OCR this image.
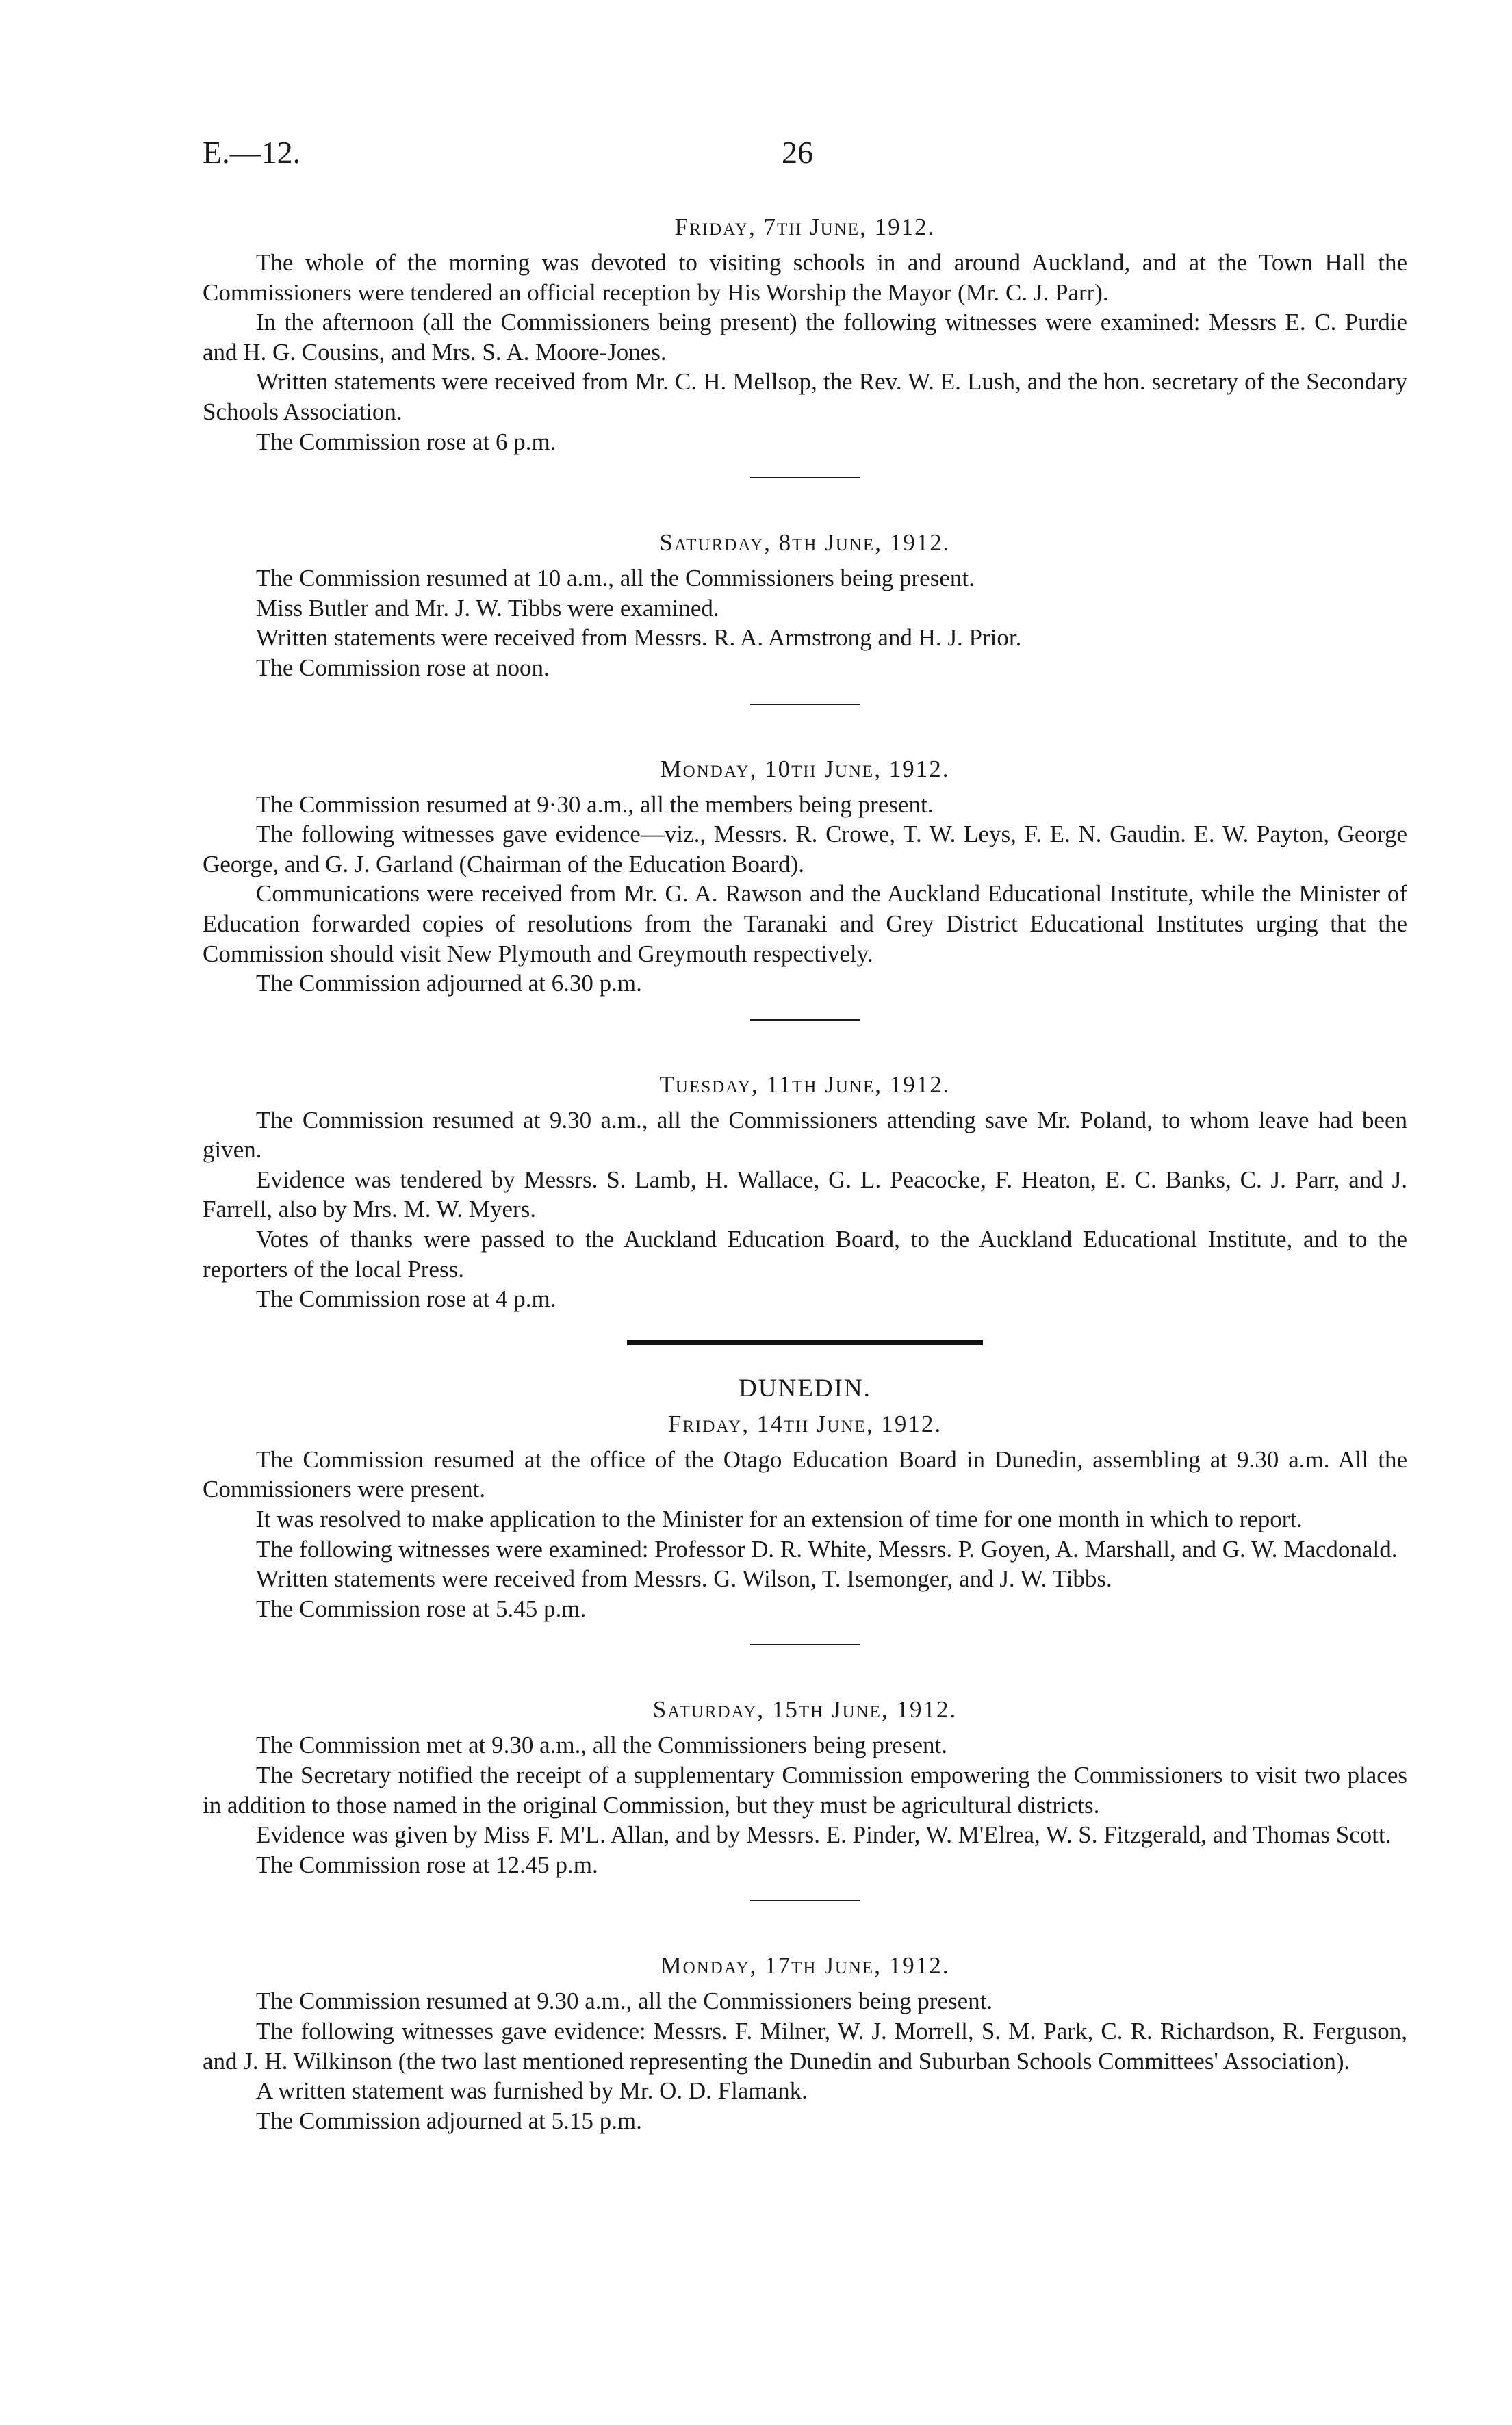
E.—12.	26
Friday, 7th June, 1912.

The whole of the morning was devoted to visiting schools in and around Auckland, and at the Town Hall the Commissioners were tendered an official reception by His Worship the Mayor (Mr. C. J. Parr).

In the afternoon (all the Commissioners being present) the following witnesses were examined: Messrs E. C. Purdie and H. G. Cousins, and Mrs. S. A. Moore-Jones.

Written statements were received from Mr. C. H. Mellsop, the Rev. W. E. Lush, and the hon. secretary of the Secondary Schools Association.

The Commission rose at 6 p.m.

Saturday, 8th June, 1912.

The Commission resumed at 10 a.m., all the Commissioners being present.

Miss Butler and Mr. J. W. Tibbs were examined.

Written statements were received from Messrs. R. A. Armstrong and H. J. Prior.

The Commission rose at noon.

Monday, 10th June, 1912.

The Commission resumed at 9·30 a.m., all the members being present.

The following witnesses gave evidence—viz., Messrs. R. Crowe, T. W. Leys, F. E. N. Gaudin. E. W. Payton, George George, and G. J. Garland (Chairman of the Education Board).

Communications were received from Mr. G. A. Rawson and the Auckland Educational Institute, while the Minister of Education forwarded copies of resolutions from the Taranaki and Grey District Educational Institutes urging that the Commission should visit New Plymouth and Greymouth respectively.

The Commission adjourned at 6.30 p.m.

Tuesday, 11th June, 1912.

The Commission resumed at 9.30 a.m., all the Commissioners attending save Mr. Poland, to whom leave had been given.

Evidence was tendered by Messrs. S. Lamb, H. Wallace, G. L. Peacocke, F. Heaton, E. C. Banks, C. J. Parr, and J. Farrell, also by Mrs. M. W. Myers.

Votes of thanks were passed to the Auckland Education Board, to the Auckland Educational Institute, and to the reporters of the local Press.

The Commission rose at 4 p.m.

DUNEDIN.
Friday, 14th June, 1912.

The Commission resumed at the office of the Otago Education Board in Dunedin, assembling at 9.30 a.m. All the Commissioners were present.

It was resolved to make application to the Minister for an extension of time for one month in which to report.

The following witnesses were examined: Professor D. R. White, Messrs. P. Goyen, A. Marshall, and G. W. Macdonald.

Written statements were received from Messrs. G. Wilson, T. Isemonger, and J. W. Tibbs.

The Commission rose at 5.45 p.m.

Saturday, 15th June, 1912.

The Commission met at 9.30 a.m., all the Commissioners being present.

The Secretary notified the receipt of a supplementary Commission empowering the Commissioners to visit two places in addition to those named in the original Commission, but they must be agricultural districts.

Evidence was given by Miss F. M'L. Allan, and by Messrs. E. Pinder, W. M'Elrea, W. S. Fitzgerald, and Thomas Scott.

The Commission rose at 12.45 p.m.

Monday, 17th June, 1912.

The Commission resumed at 9.30 a.m., all the Commissioners being present.

The following witnesses gave evidence: Messrs. F. Milner, W. J. Morrell, S. M. Park, C. R. Richardson, R. Ferguson, and J. H. Wilkinson (the two last mentioned representing the Dunedin and Suburban Schools Committees' Association).

A written statement was furnished by Mr. O. D. Flamank.

The Commission adjourned at 5.15 p.m.
